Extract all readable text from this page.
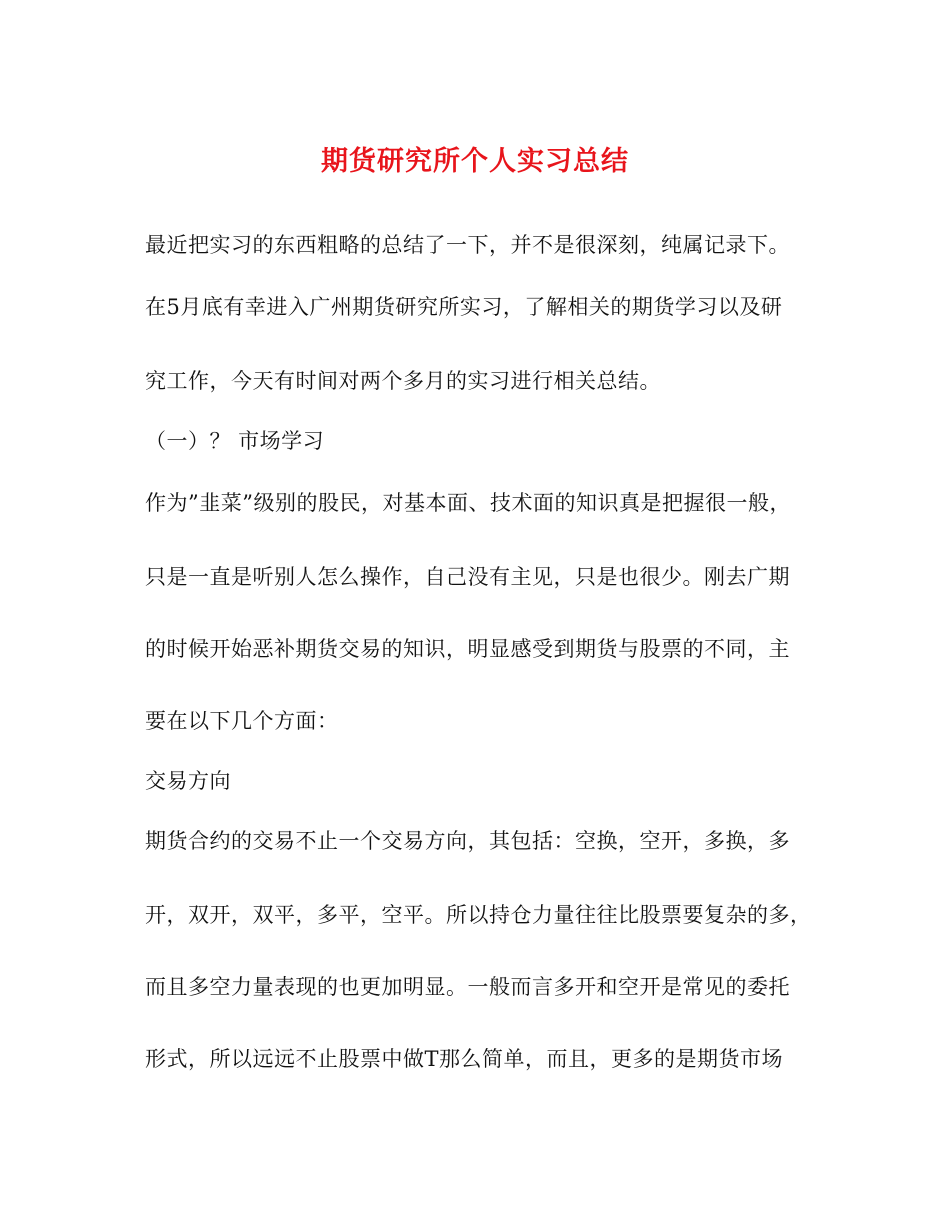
期货研究所个人实习总结
最近把实习的东西粗略的总结了一下，并不是很深刻，纯属记录下。
在5月底有幸进入广州期货研究所实习，了解相关的期货学习以及研
究工作，今天有时间对两个多月的实习进行相关总结。
（一）？ 市场学习
作为”韭菜”级别的股民，对基本面、技术面的知识真是把握很一般，
只是一直是听别人怎么操作，自己没有主见，只是也很少。刚去广期
的时候开始恶补期货交易的知识，明显感受到期货与股票的不同，主
要在以下几个方面：
交易方向
期货合约的交易不止一个交易方向，其包括：空换，空开，多换，多
开，双开，双平，多平，空平。所以持仓力量往往比股票要复杂的多，
而且多空力量表现的也更加明显。一般而言多开和空开是常见的委托
形式，所以远远不止股票中做T那么简单，而且，更多的是期货市场
